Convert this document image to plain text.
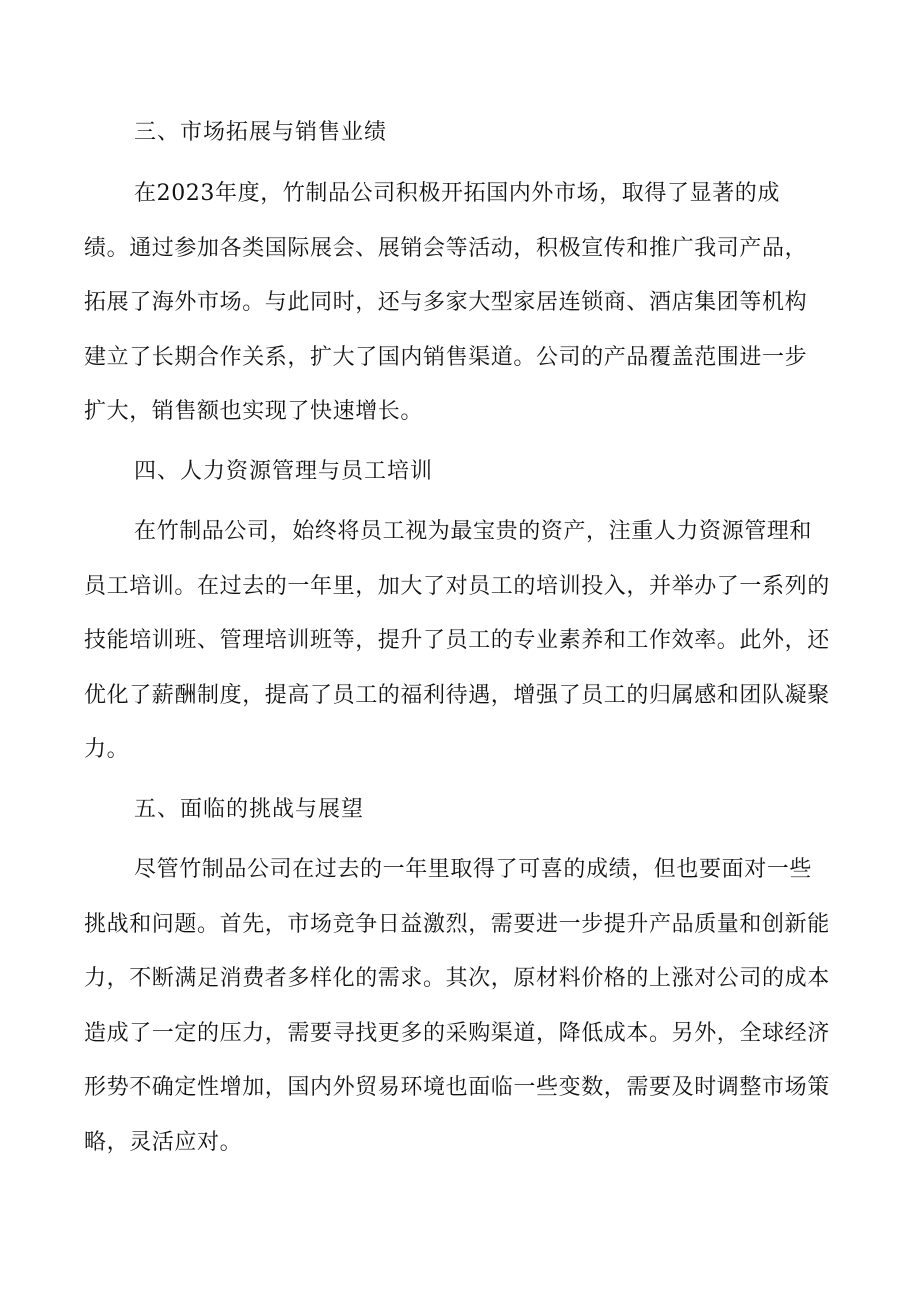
三、市场拓展与销售业绩
在2023年度，竹制品公司积极开拓国内外市场，取得了显著的成
绩。通过参加各类国际展会、展销会等活动，积极宣传和推广我司产品，
拓展了海外市场。与此同时，还与多家大型家居连锁商、酒店集团等机构
建立了长期合作关系，扩大了国内销售渠道。公司的产品覆盖范围进一步
扩大，销售额也实现了快速增长。
四、人力资源管理与员工培训
在竹制品公司，始终将员工视为最宝贵的资产，注重人力资源管理和
员工培训。在过去的一年里，加大了对员工的培训投入，并举办了一系列的
技能培训班、管理培训班等，提升了员工的专业素养和工作效率。此外，还
优化了薪酬制度，提高了员工的福利待遇，增强了员工的归属感和团队凝聚
力。
五、面临的挑战与展望
尽管竹制品公司在过去的一年里取得了可喜的成绩，但也要面对一些
挑战和问题。首先，市场竞争日益激烈，需要进一步提升产品质量和创新能
力，不断满足消费者多样化的需求。其次，原材料价格的上涨对公司的成本
造成了一定的压力，需要寻找更多的采购渠道，降低成本。另外，全球经济
形势不确定性增加，国内外贸易环境也面临一些变数，需要及时调整市场策
略，灵活应对。
